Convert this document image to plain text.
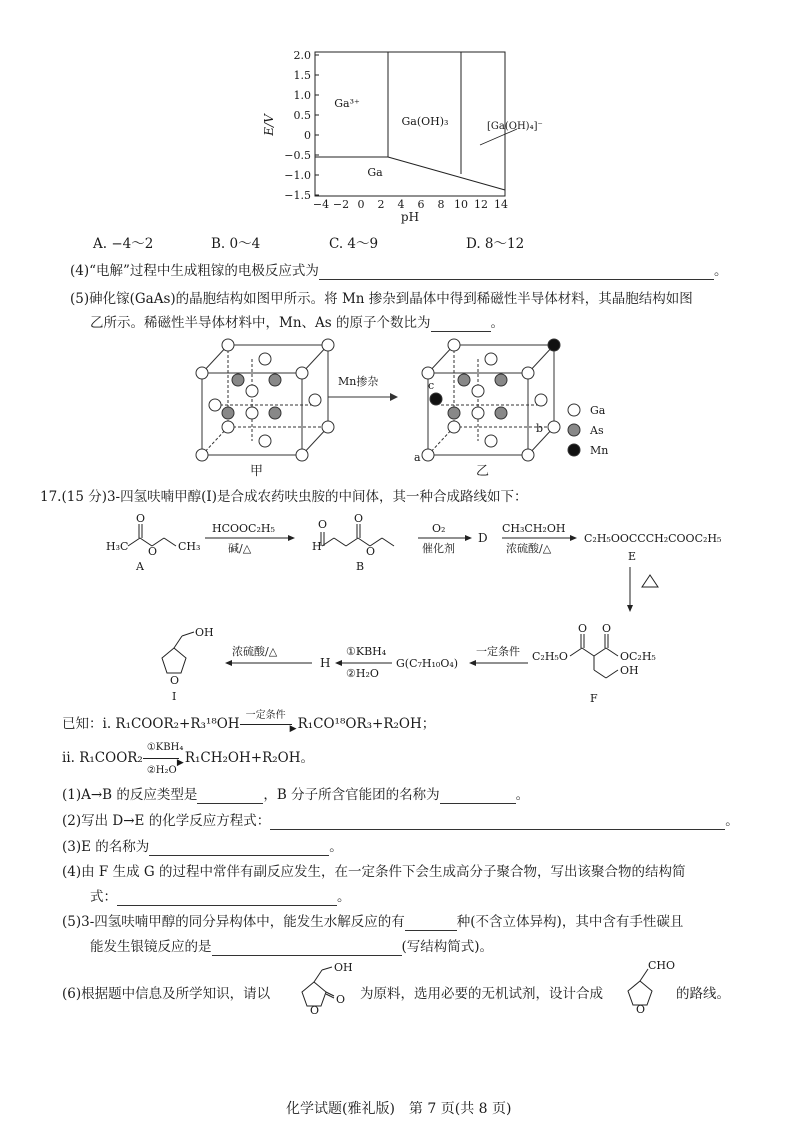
2.0
1.5
1.0
0.5
0
−0.5
−1.0
−1.5
−4 −2 0 2 4 6 8 10 12 14
pH
E/V
Ga³⁺
Ga(OH)₃	[Ga(OH)₄]⁻
Ga
A. −4～2	B. 0～4	C. 4～9	D. 8～12
(4)“电解”过程中生成粗镓的电极反应式为	。
(5)砷化镓(GaAs)的晶胞结构如图甲所示。将 Mn 掺杂到晶体中得到稀磁性半导体材料，其晶胞结构如图
乙所示。稀磁性半导体材料中，Mn、As 的原子个数比为	。
甲
Mn掺杂
a
b
c
乙
Ga
As
Mn
17.(15 分)3-四氢呋喃甲醇(I)是合成农药呋虫胺的中间体，其一种合成路线如下：
H₃C
O
O CH₃
A
HCOOC₂H₅
碱/△	H
O O
O
B
O₂
催化剂
D
CH₃CH₂OH
浓硫酸/△
C₂H₅OOCCCH₂COOC₂H₅
E
OH
O
I
浓硫酸/△
H
①KBH₄
②H₂O
G(C₇H₁₀O₄)
一定条件 C₂H₅O	OC₂H₅
O O
OH
F
已知：ⅰ. R₁COOR₂+R₃¹⁸OH
一定条件
▶ R₁CO¹⁸OR₃+R₂OH；
ⅱ. R₁COOR₂
①KBH₄
▶
②H₂O
R₁CH₂OH+R₂OH。
(1)A→B 的反应类型是	，B 分子所含官能团的名称为	。
(2)写出 D→E 的化学反应方程式：	。
(3)E 的名称为	。
(4)由 F 生成 G 的过程中常伴有副反应发生，在一定条件下会生成高分子聚合物，写出该聚合物的结构简
式：	。
(5)3-四氢呋喃甲醇的同分异构体中，能发生水解反应的有	种(不含立体异构)，其中含有手性碳且
能发生银镜反应的是	(写结构简式)。
(6)根据题中信息及所学知识，请以
OH
O
O 为原料，选用必要的无机试剂，设计合成
CHO
O
的路线。
化学试题(雅礼版)　第 7 页(共 8 页)
